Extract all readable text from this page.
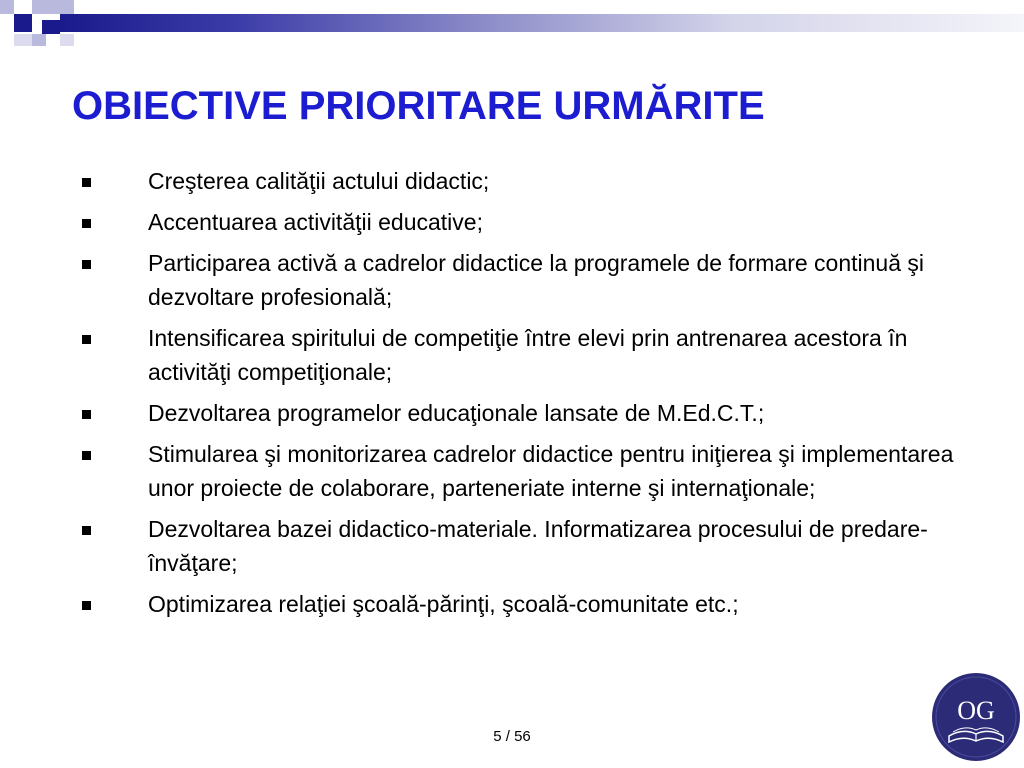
OBIECTIVE PRIORITARE URMĂRITE
Creşterea calităţii actului didactic;
Accentuarea activităţii educative;
Participarea activă a cadrelor didactice la programele de formare continuă şi dezvoltare profesională;
Intensificarea spiritului de competiţie între elevi prin antrenarea acestora în activităţi competiţionale;
Dezvoltarea programelor educaţionale lansate de M.Ed.C.T.;
Stimularea şi monitorizarea cadrelor didactice pentru iniţierea şi implementarea unor proiecte de colaborare, parteneriate interne şi internaţionale;
Dezvoltarea bazei didactico-materiale. Informatizarea procesului de predare-învăţare;
Optimizarea relaţiei şcoală-părinţi, şcoală-comunitate etc.;
5 / 56
OG
